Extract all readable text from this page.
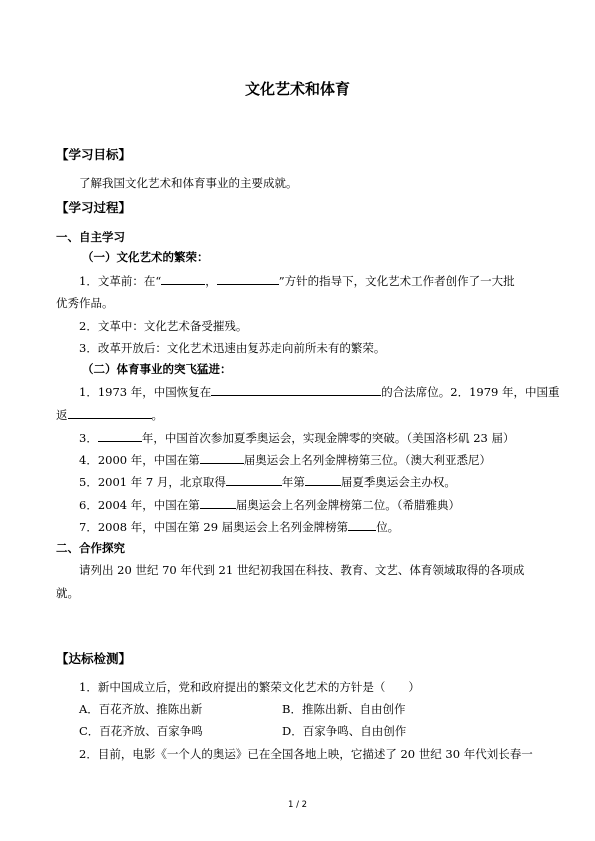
文化艺术和体育
【学习目标】
了解我国文化艺术和体育事业的主要成就。
【学习过程】
一、自主学习
（一）文化艺术的繁荣：
1．文革前：在“	，	”方针的指导下，文化艺术工作者创作了一大批
优秀作品。
2．文革中：文化艺术备受摧残。
3．改革开放后：文化艺术迅速由复苏走向前所未有的繁荣。
（二）体育事业的突飞猛进：
1．1973 年，中国恢复在	的合法席位。2．1979 年，中国重
返	。
3．	年，中国首次参加夏季奥运会，实现金牌零的突破。（美国洛杉矶 23 届）
4．2000 年，中国在第	届奥运会上名列金牌榜第三位。（澳大利亚悉尼）
5．2001 年 7 月，北京取得	年第	届夏季奥运会主办权。
6．2004 年，中国在第	届奥运会上名列金牌榜第二位。（希腊雅典）
7．2008 年，中国在第 29 届奥运会上名列金牌榜第 位。
二、合作探究
请列出 20 世纪 70 年代到 21 世纪初我国在科技、教育、文艺、体育领域取得的各项成
就。
【达标检测】
1．新中国成立后，党和政府提出的繁荣文化艺术的方针是（　　）
A．百花齐放、推陈出新	B．推陈出新、自由创作
C．百花齐放、百家争鸣	D．百家争鸣、自由创作
2．目前，电影《一个人的奥运》已在全国各地上映，它描述了 20 世纪 30 年代刘长春一
1 / 2
